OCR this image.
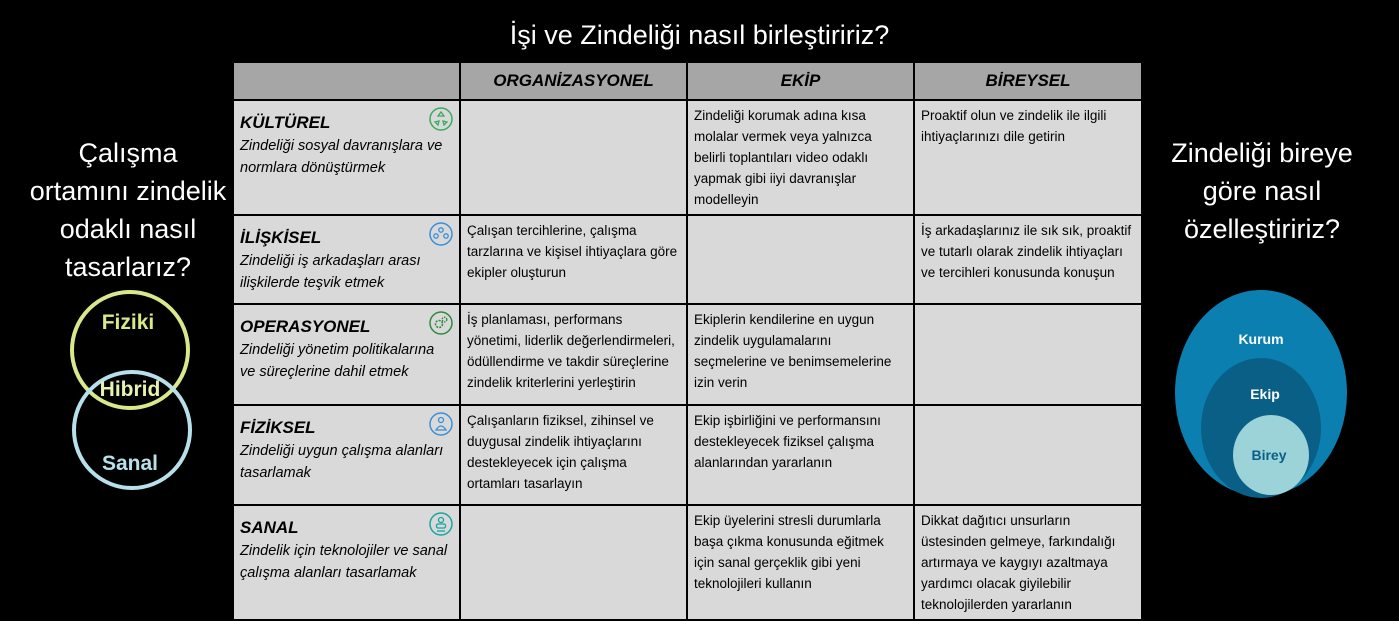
İşi ve Zindeliği nasıl birleştiririz?
Çalışma ortamını zindelik odaklı nasıl tasarlarız?
Zindeliği bireye göre nasıl özelleştiririz?
	ORGANİZASYONEL	EKİP	BİREYSEL

KÜLTÜREL
Zindeliği sosyal davranışlara ve normlara dönüştürmek		Zindeliği korumak adına kısa molalar vermek veya yalnızca belirli toplantıları video odaklı yapmak gibi iiyi davranışlar modelleyin	Proaktif olun ve zindelik ile ilgili ihtiyaçlarınızı dile getirin

İLİŞKİSEL
Zindeliği iş arkadaşları arası ilişkilerde teşvik etmek	Çalışan tercihlerine, çalışma tarzlarına ve kişisel ihtiyaçlara göre ekipler oluşturun		İş arkadaşlarınız ile sık sık, proaktif ve tutarlı olarak zindelik ihtiyaçları ve tercihleri konusunda konuşun

OPERASYONEL
Zindeliği yönetim politikalarına ve süreçlerine dahil etmek	İş planlaması, performans yönetimi, liderlik değerlendirmeleri, ödüllendirme ve takdir süreçlerine zindelik kriterlerini yerleştirin	Ekiplerin kendilerine en uygun zindelik uygulamalarını seçmelerine ve benimsemelerine izin verin	

FİZİKSEL
Zindeliği uygun çalışma alanları tasarlamak	Çalışanların fiziksel, zihinsel ve duygusal zindelik ihtiyaçlarını destekleyecek için çalışma ortamları tasarlayın	Ekip işbirliğini ve performansını destekleyecek fiziksel çalışma alanlarından yararlanın	

SANAL
Zindelik için teknolojiler ve sanal çalışma alanları tasarlamak		Ekip üyelerini stresli durumlarla başa çıkma konusunda eğitmek için sanal gerçeklik gibi yeni teknolojileri kullanın	Dikkat dağıtıcı unsurların üstesinden gelmeye, farkındalığı artırmaya ve kaygıyı azaltmaya yardımcı olacak giyilebilir teknolojilerden yararlanın
Fiziki
Hibrid
Sanal
Kurum
Ekip
Birey
